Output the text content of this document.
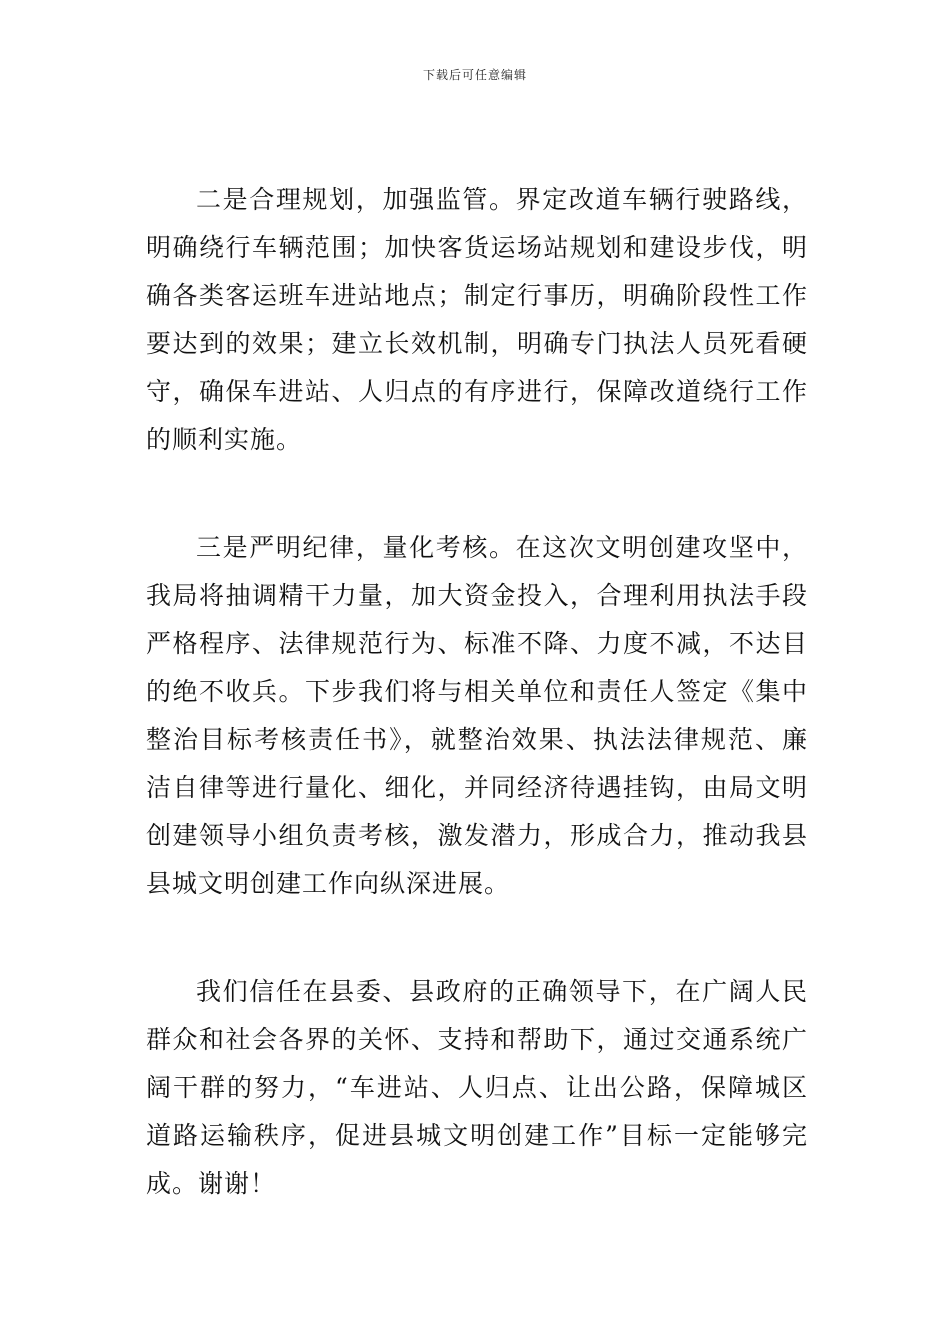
下载后可任意编辑

二是合理规划，加强监管。界定改道车辆行驶路线，明确绕行车辆范围；加快客货运场站规划和建设步伐，明确各类客运班车进站地点；制定行事历，明确阶段性工作要达到的效果；建立长效机制，明确专门执法人员死看硬守，确保车进站、人归点的有序进行，保障改道绕行工作的顺利实施。

三是严明纪律，量化考核。在这次文明创建攻坚中，我局将抽调精干力量，加大资金投入，合理利用执法手段严格程序、法律规范行为、标准不降、力度不减，不达目的绝不收兵。下步我们将与相关单位和责任人签定《集中整治目标考核责任书》，就整治效果、执法法律规范、廉洁自律等进行量化、细化，并同经济待遇挂钩，由局文明创建领导小组负责考核，激发潜力，形成合力，推动我县县城文明创建工作向纵深进展。

我们信任在县委、县政府的正确领导下，在广阔人民群众和社会各界的关怀、支持和帮助下，通过交通系统广阔干群的努力，“车进站、人归点、让出公路，保障城区道路运输秩序，促进县城文明创建工作”目标一定能够完成。谢谢！
